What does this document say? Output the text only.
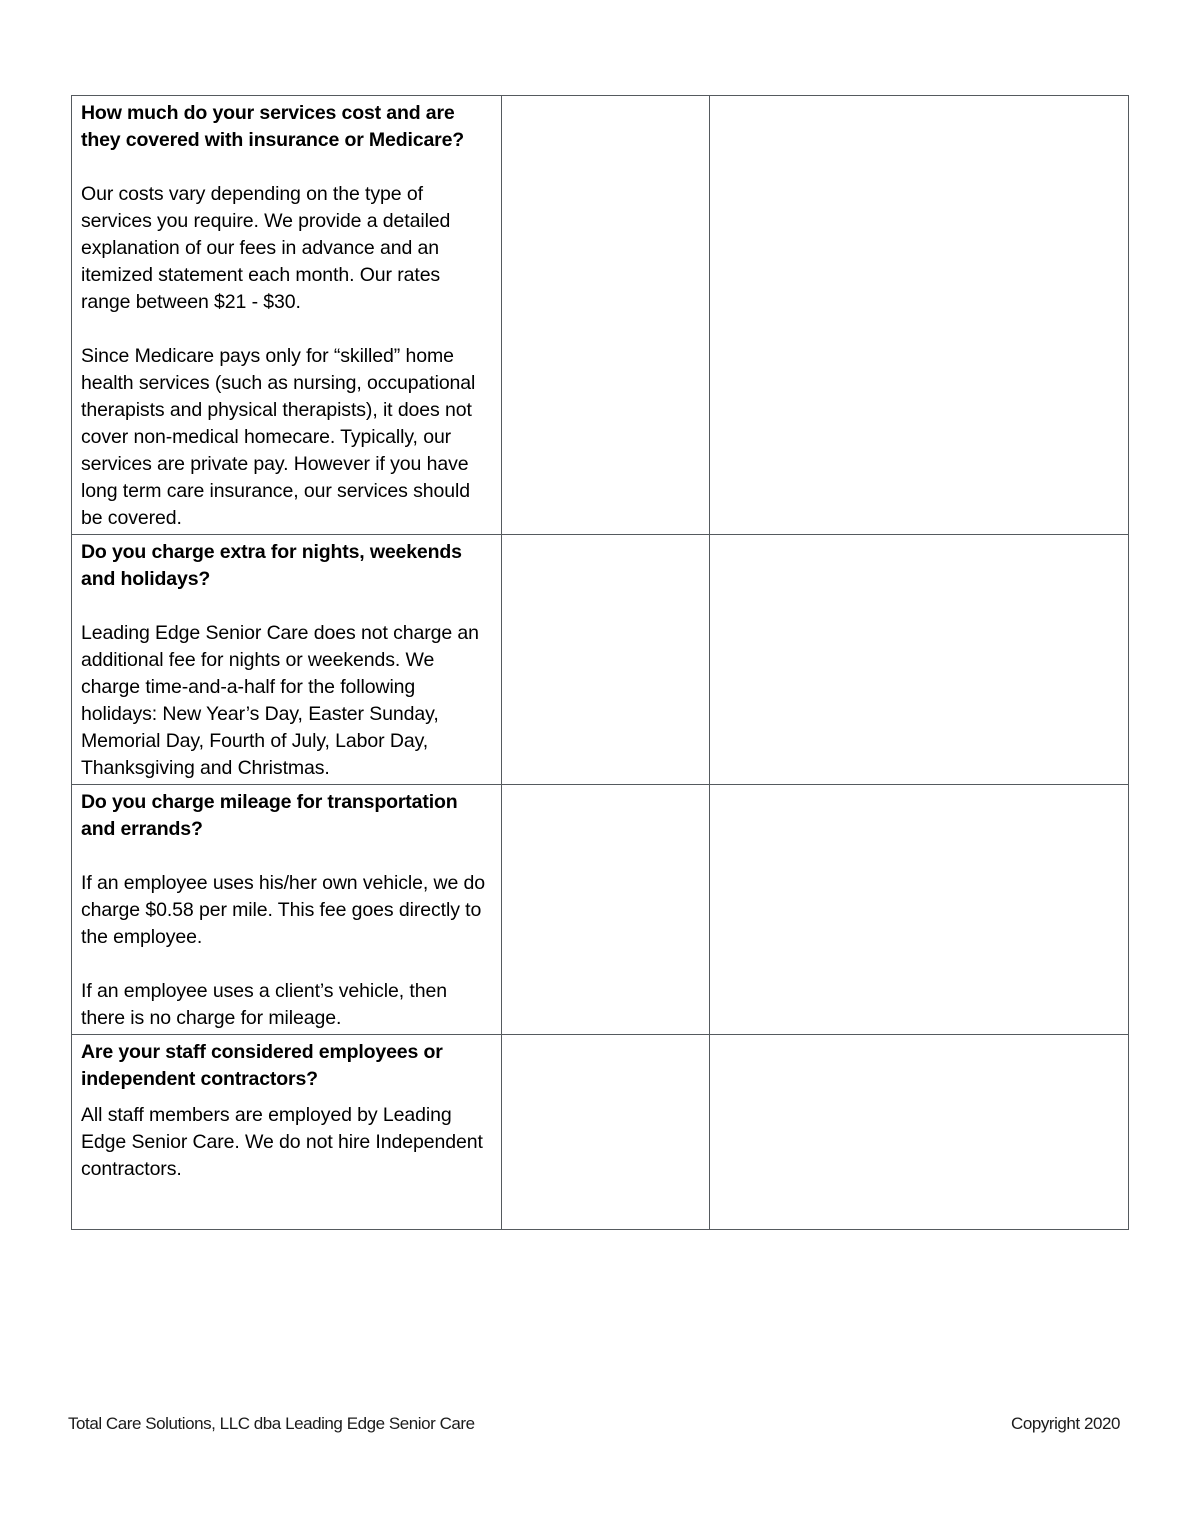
How much do your services cost and are they covered with insurance or Medicare?

Our costs vary depending on the type of services you require. We provide a detailed explanation of our fees in advance and an itemized statement each month. Our rates range between $21 - $30.

Since Medicare pays only for “skilled” home health services (such as nursing, occupational therapists and physical therapists), it does not cover non-medical homecare. Typically, our services are private pay. However if you have long term care insurance, our services should be covered.		

Do you charge extra for nights, weekends and holidays?

Leading Edge Senior Care does not charge an additional fee for nights or weekends. We charge time-and-a-half for the following holidays: New Year’s Day, Easter Sunday, Memorial Day, Fourth of July, Labor Day, Thanksgiving and Christmas.		

Do you charge mileage for transportation and errands?

If an employee uses his/her own vehicle, we do charge $0.58 per mile. This fee goes directly to the employee.

If an employee uses a client’s vehicle, then there is no charge for mileage.		

Are your staff considered employees or independent contractors?

All staff members are employed by Leading Edge Senior Care. We do not hire Independent contractors.		

Total Care Solutions, LLC dba Leading Edge Senior Care	Copyright 2020
